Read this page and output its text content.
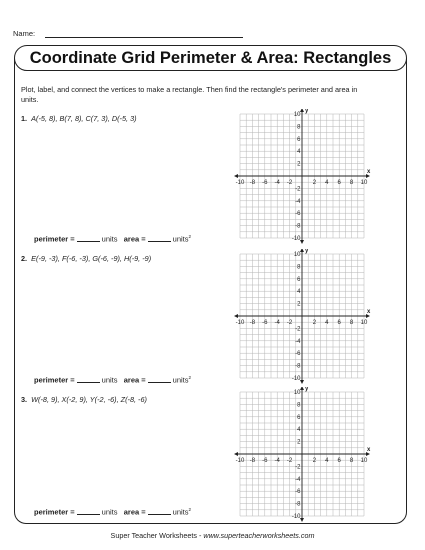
Name:
Coordinate Grid Perimeter & Area: Rectangles
Plot, label, and connect the vertices to make a rectangle. Then find the rectangle's perimeter and area in units.
1. A(-5, 8), B(7, 8), C(7, 3), D(-5, 3)
perimeter =	units area =	units$^2$
2. E(-9, -3), F(-6, -3), G(-6, -9), H(-9, -9)
perimeter =	units area =	units$^2$
3. W(-8, 9), X(-2, 9), Y(-2, -6), Z(-8, -6)
perimeter =	units area =	units$^2$
x
y
-10 -8 -6 -4 -2	2 4 6 8 10
10
8
6
4
2
-2
-4
-6
-8
-10
x
y
-10 -8 -6 -4 -2	2 4 6 8 10
10
8
6
4
2
-2
-4
-6
-8
-10
x
y
-10 -8 -6 -4 -2	2 4 6 8 10
10
8
6
4
2
-2
-4
-6
-8
-10
Super Teacher Worksheets - www.superteacherworksheets.com
